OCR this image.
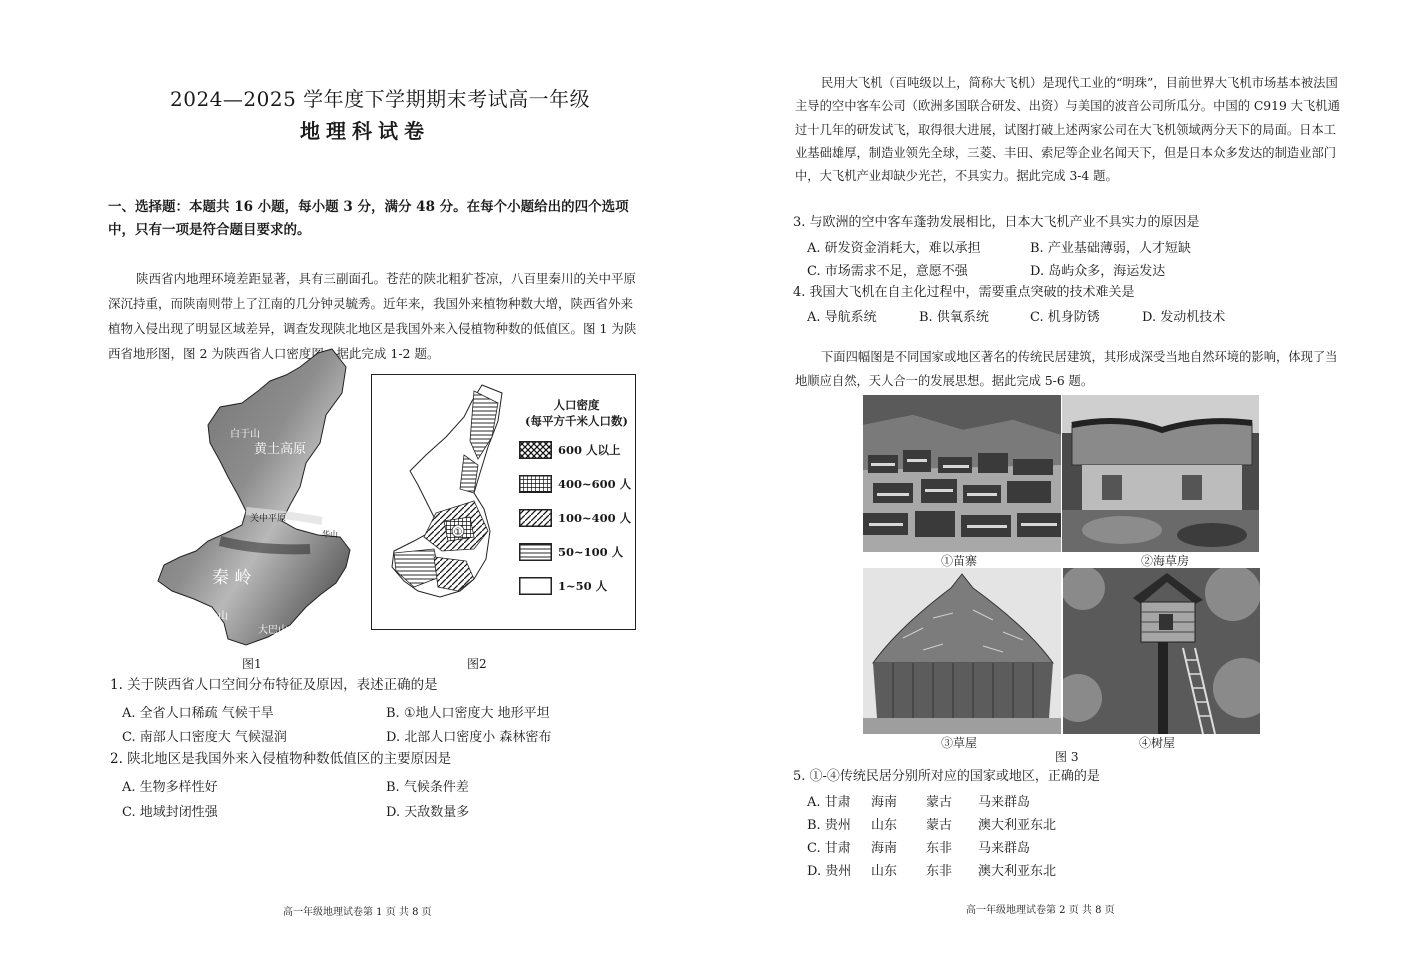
2024—2025 学年度下学期期末考试高一年级
地理科试卷
一、选择题：本题共 16 小题，每小题 3 分，满分 48 分。在每个小题给出的四个选项中，只有一项是符合题目要求的。
陕西省内地理环境差距显著，具有三副面孔。苍茫的陕北粗犷苍凉，八百里秦川的关中平原深沉持重，而陕南则带上了江南的几分钟灵毓秀。近年来，我国外来植物种数大增，陕西省外来植物入侵出现了明显区域差异，调查发现陕北地区是我国外来入侵植物种数的低值区。图 1 为陕西省地形图，图 2 为陕西省人口密度图。据此完成 1-2 题。
白于山
黄土高原
关中平原
华山
秦 岭
米仓山
大巴山
①
人口密度
(每平方千米人口数)
600 人以上
400~600 人
100~400 人
50~100 人
1~50 人
图1	图2
1. 关于陕西省人口空间分布特征及原因，表述正确的是
A. 全省人口稀疏 气候干旱	B. ①地人口密度大 地形平坦
C. 南部人口密度大 气候湿润	D. 北部人口密度小 森林密布
2. 陕北地区是我国外来入侵植物种数低值区的主要原因是
A. 生物多样性好	B. 气候条件差
C. 地域封闭性强	D. 天敌数量多
高一年级地理试卷第 1 页 共 8 页
民用大飞机（百吨级以上，简称大飞机）是现代工业的“明珠”，目前世界大飞机市场基本被法国主导的空中客车公司（欧洲多国联合研发、出资）与美国的波音公司所瓜分。中国的 C919 大飞机通过十几年的研发试飞，取得很大进展，试图打破上述两家公司在大飞机领域两分天下的局面。日本工业基础雄厚，制造业领先全球，三菱、丰田、索尼等企业名闻天下，但是日本众多发达的制造业部门中，大飞机产业却缺少光芒，不具实力。据此完成 3-4 题。
3. 与欧洲的空中客车蓬勃发展相比，日本大飞机产业不具实力的原因是
A. 研发资金消耗大，难以承担	B. 产业基础薄弱，人才短缺
C. 市场需求不足，意愿不强	D. 岛屿众多，海运发达
4. 我国大飞机在自主化过程中，需要重点突破的技术难关是
A. 导航系统	B. 供氧系统	C. 机身防锈	D. 发动机技术
下面四幅图是不同国家或地区著名的传统民居建筑，其形成深受当地自然环境的影响，体现了当地顺应自然，天人合一的发展思想。据此完成 5-6 题。
①苗寨	②海草房
③草屋	④树屋
图 3
5. ①-④传统民居分别所对应的国家或地区，正确的是
A. 甘肃 海南 蒙古 马来群岛
B. 贵州 山东 蒙古 澳大利亚东北
C. 甘肃 海南 东非 马来群岛
D. 贵州 山东 东非 澳大利亚东北
高一年级地理试卷第 2 页 共 8 页
